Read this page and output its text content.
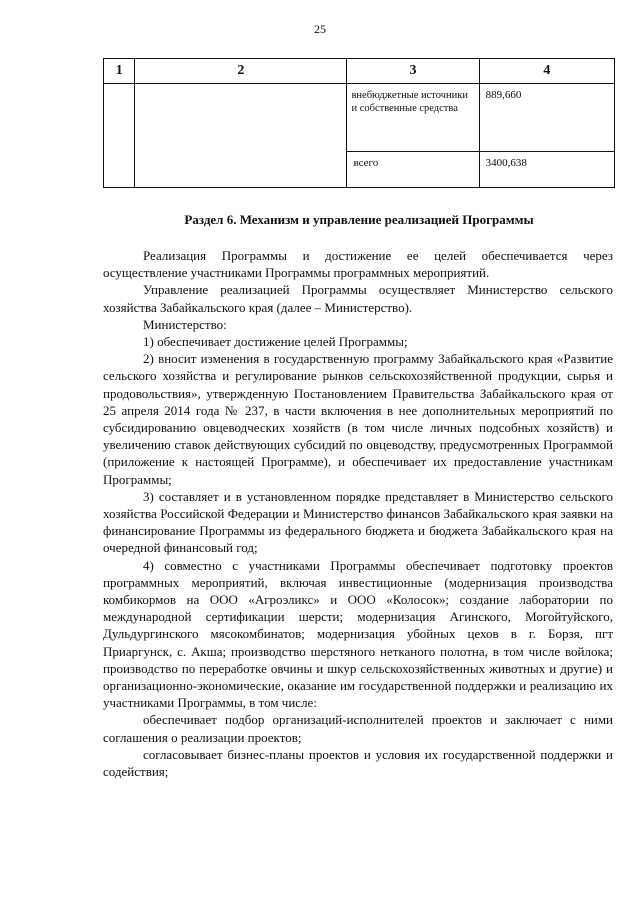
25
1	2	3	4
		внебюджетные источники и собственные средства	889,660
		всего	3400,638
Раздел 6. Механизм и управление реализацией Программы

Реализация Программы и достижение ее целей обеспечивается через осуществление участниками Программы программных мероприятий.

Управление реализацией Программы осуществляет Министерство сельского хозяйства Забайкальского края (далее – Министерство).

Министерство:

1) обеспечивает достижение целей Программы;

2) вносит изменения в государственную программу Забайкальского края «Развитие сельского хозяйства и регулирование рынков сельскохозяйственной продукции, сырья и продовольствия», утвержденную Постановлением Правительства Забайкальского края от 25 апреля 2014 года № 237, в части включения в нее дополнительных мероприятий по субсидированию овцеводческих хозяйств (в том числе личных подсобных хозяйств) и увеличению ставок действующих субсидий по овцеводству, предусмотренных Программой (приложение к настоящей Программе), и обеспечивает их предоставление участникам Программы;

3) составляет и в установленном порядке представляет в Министерство сельского хозяйства Российской Федерации и Министерство финансов Забайкальского края заявки на финансирование Программы из федерального бюджета и бюджета Забайкальского края на очередной финансовый год;

4) совместно с участниками Программы обеспечивает подготовку проектов программных мероприятий, включая инвестиционные (модернизация производства комбикормов на ООО «Агроэликс» и ООО «Колосок»; создание лаборатории по международной сертификации шерсти; модернизация Агинского, Могойтуйского, Дульдургинского мясокомбинатов; модернизация убойных цехов в г. Борзя, пгт Приаргунск, с. Акша; производство шерстяного нетканого полотна, в том числе войлока; производство по переработке овчины и шкур сельскохозяйственных животных и другие) и организационно-экономические, оказание им государственной поддержки и реализацию их участниками Программы, в том числе:

обеспечивает подбор организаций-исполнителей проектов и заключает с ними соглашения о реализации проектов;

согласовывает бизнес-планы проектов и условия их государственной поддержки и содействия;
